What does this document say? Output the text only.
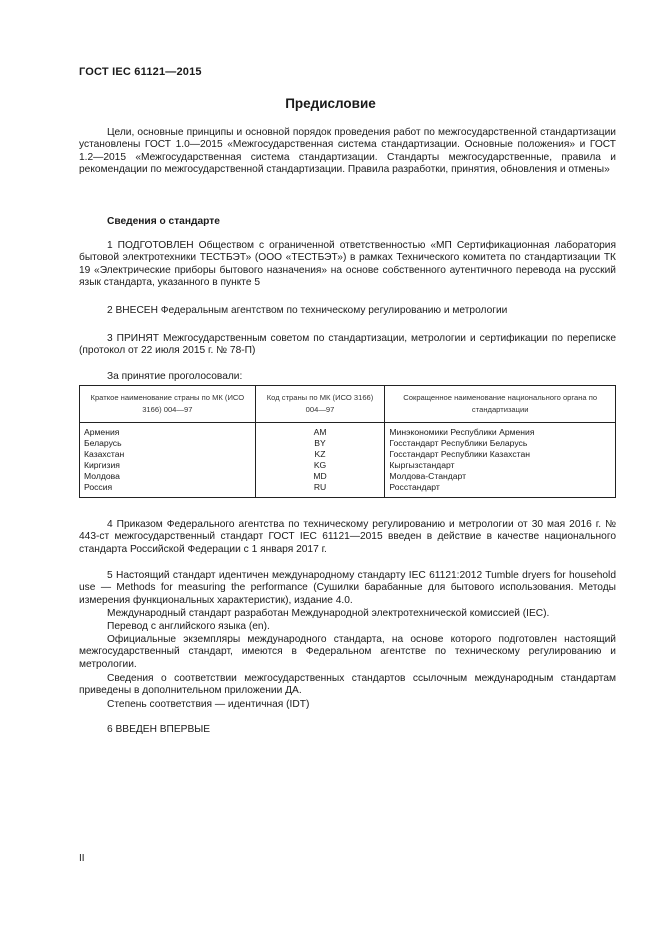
ГОСТ IEC 61121—2015
Предисловие

Цели, основные принципы и основной порядок проведения работ по межгосударственной стандартизации установлены ГОСТ 1.0—2015 «Межгосударственная система стандартизации. Основные положения» и ГОСТ 1.2—2015 «Межгосударственная система стандартизации. Стандарты межгосударственные, правила и рекомендации по межгосударственной стандартизации. Правила разработки, принятия, обновления и отмены»

Сведения о стандарте

1 ПОДГОТОВЛЕН Обществом с ограниченной ответственностью «МП Сертификационная лаборатория бытовой электротехники ТЕСТБЭТ» (ООО «ТЕСТБЭТ») в рамках Технического комитета по стандартизации ТК 19 «Электрические приборы бытового назначения» на основе собственного аутентичного перевода на русский язык стандарта, указанного в пункте 5

2 ВНЕСЕН Федеральным агентством по техническому регулированию и метрологии

3 ПРИНЯТ Межгосударственным советом по стандартизации, метрологии и сертификации по переписке (протокол от 22 июля 2015 г. № 78-П)

За принятие проголосовали:

Краткое наименование страны по МК (ИСО 3166) 004—97	Код страны по МК (ИСО 3166) 004—97	Сокращенное наименование национального органа по стандартизации
Армения	AM	Минэкономики Республики Армения
Беларусь	BY	Госстандарт Республики Беларусь
Казахстан	KZ	Госстандарт Республики Казахстан
Киргизия	KG	Кыргызстандарт
Молдова	MD	Молдова-Стандарт
Россия	RU	Росстандарт

4 Приказом Федерального агентства по техническому регулированию и метрологии от 30 мая 2016 г. № 443-ст межгосударственный стандарт ГОСТ IEC 61121—2015 введен в действие в качестве национального стандарта Российской Федерации с 1 января 2017 г.

5 Настоящий стандарт идентичен международному стандарту IEC 61121:2012 Tumble dryers for household use — Methods for measuring the performance (Сушилки барабанные для бытового использования. Методы измерения функциональных характеристик), издание 4.0.

Международный стандарт разработан Международной электротехнической комиссией (IEC).

Перевод с английского языка (en).

Официальные экземпляры международного стандарта, на основе которого подготовлен настоящий межгосударственный стандарт, имеются в Федеральном агентстве по техническому регулированию и метрологии.

Сведения о соответствии межгосударственных стандартов ссылочным международным стандартам приведены в дополнительном приложении ДА.

Степень соответствия — идентичная (IDT)

6 ВВЕДЕН ВПЕРВЫЕ

II
